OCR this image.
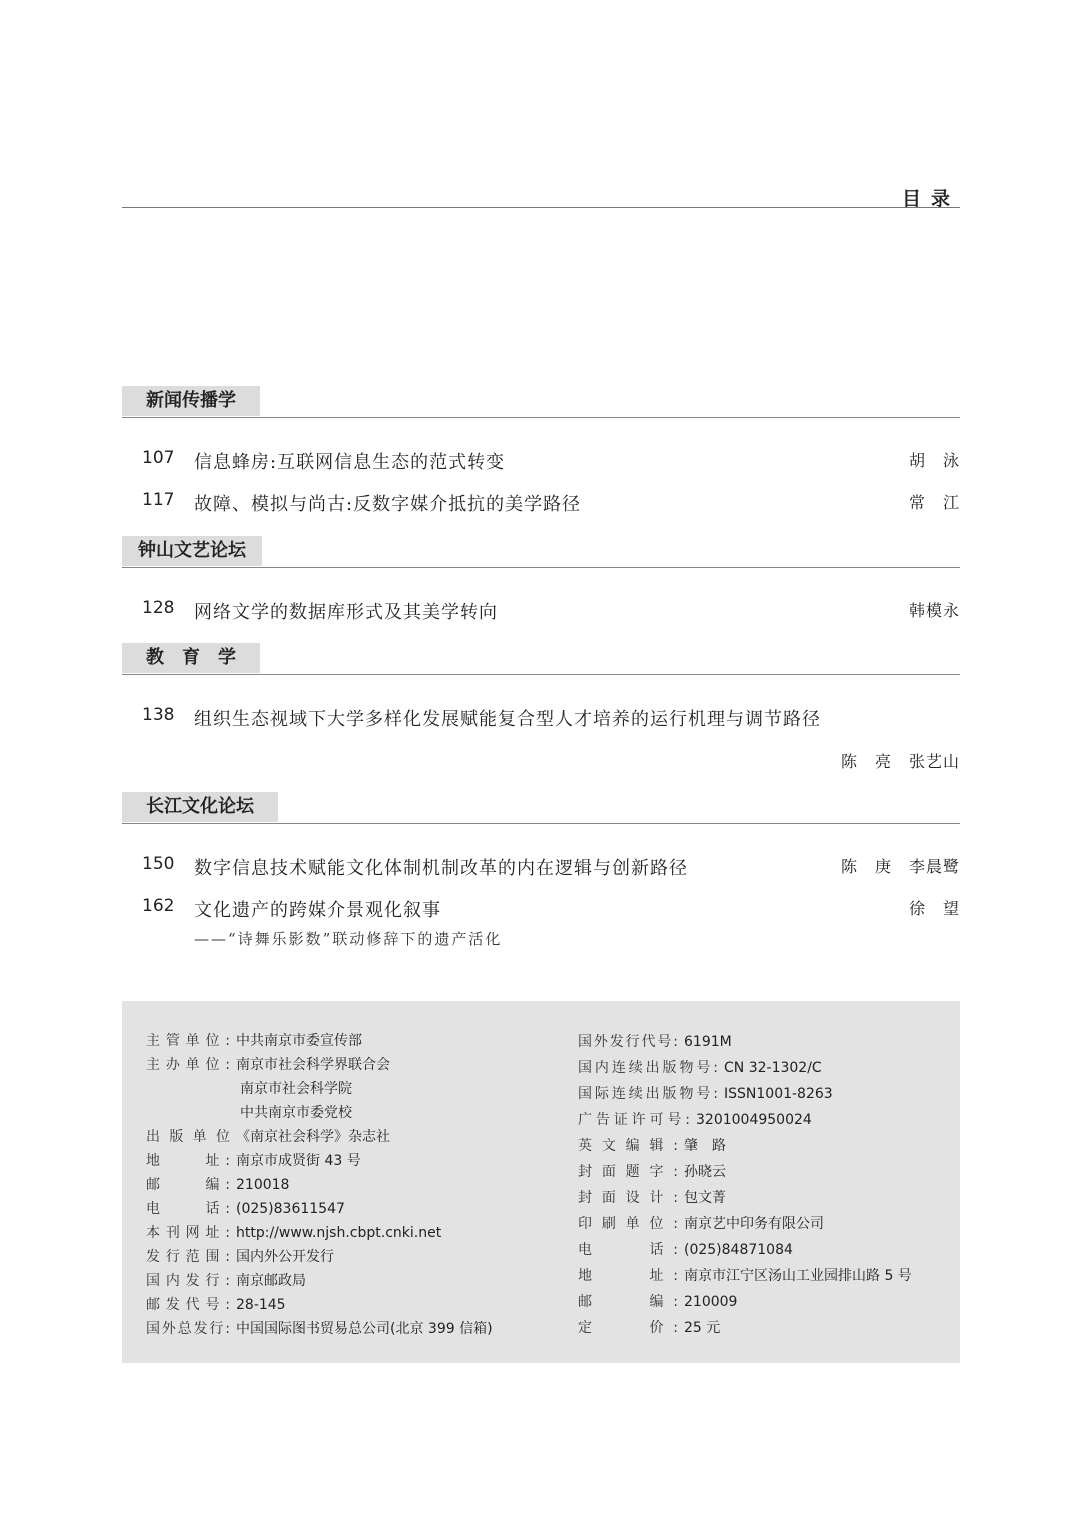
目录
新闻传播学
107 信息蜂房:互联网信息生态的范式转变	胡　泳
117 故障、模拟与尚古:反数字媒介抵抗的美学路径	常　江
钟山文艺论坛
128 网络文学的数据库形式及其美学转向	韩模永
教　育　学
138 组织生态视域下大学多样化发展赋能复合型人才培养的运行机理与调节路径
陈　亮　张艺山
长江文化论坛
150 数字信息技术赋能文化体制机制改革的内在逻辑与创新路径	陈　庚　李晨鹭
162 文化遗产的跨媒介景观化叙事	徐　望
——“诗舞乐影数”联动修辞下的遗产活化
主管单位: 中共南京市委宣传部
主办单位: 南京市社会科学界联合会
南京市社会科学院
中共南京市委党校
出版单位 《南京社会科学》杂志社
地　　址: 南京市成贤街 43 号
邮　　编: 210018
电　　话: (025)83611547
本刊网址: http://www.njsh.cbpt.cnki.net
发行范围: 国内外公开发行
国内发行: 南京邮政局
邮发代号: 28-145
国外总发行: 中国国际图书贸易总公司(北京 399 信箱)
国外发行代号: 6191M
国内连续出版物号: CN 32-1302/C
国际连续出版物号: ISSN1001-8263
广告证许可号: 3201004950024
英文编辑: 肇　路
封面题字: 孙晓云
封面设计: 包文菁
印刷单位: 南京艺中印务有限公司
电　　话: (025)84871084
地　　址: 南京市江宁区汤山工业园排山路 5 号
邮　　编: 210009
定　　价: 25 元
